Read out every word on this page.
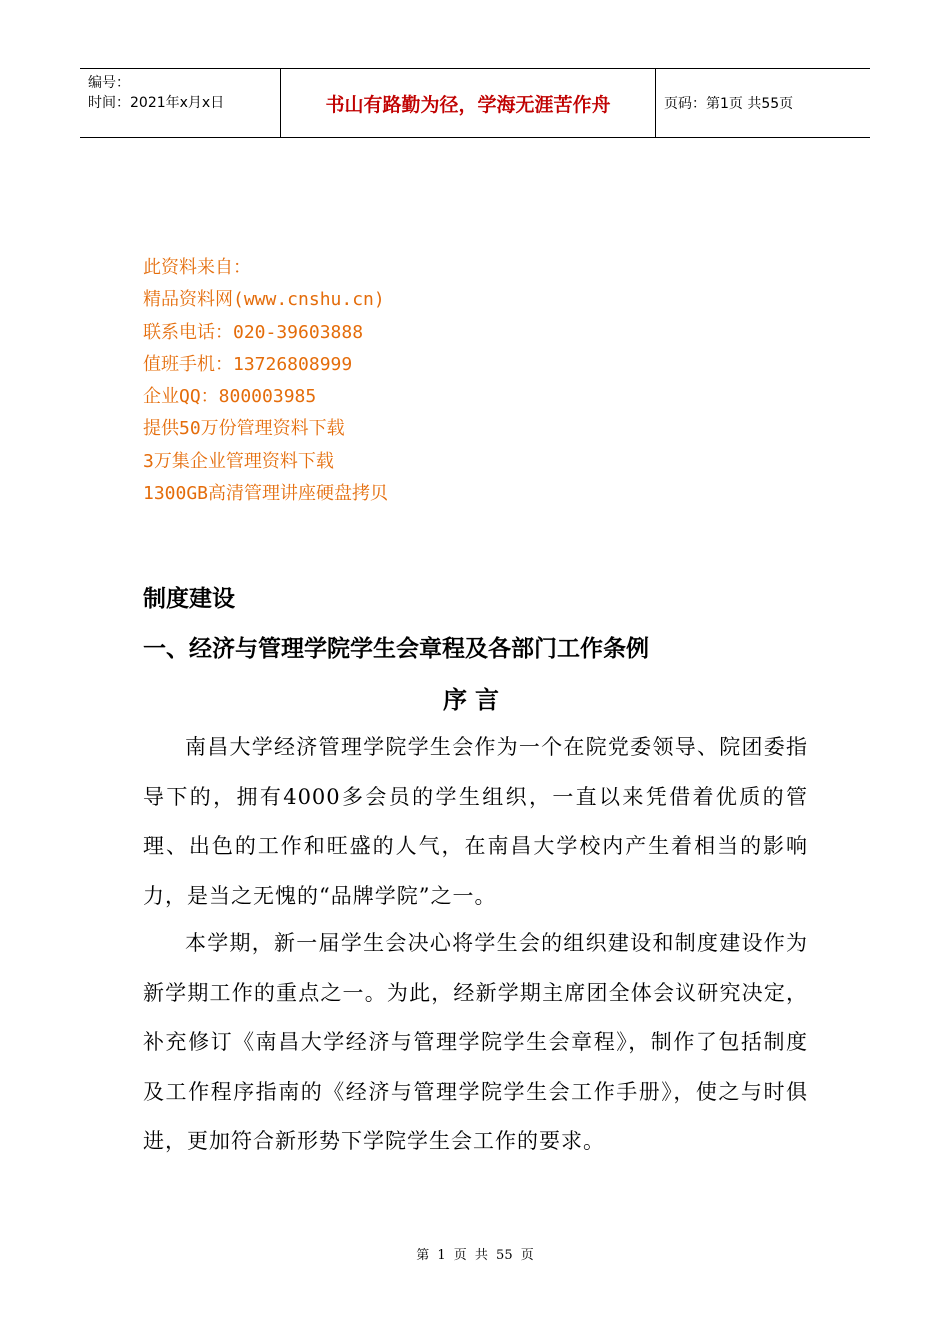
编号：
时间：2021年x月x日	书山有路勤为径，学海无涯苦作舟	页码：第1页 共55页
此资料来自：
精品资料网(www.cnshu.cn)
联系电话：020-39603888
值班手机：13726808999
企业QQ：800003985
提供50万份管理资料下载
3万集企业管理资料下载
1300GB高清管理讲座硬盘拷贝
制度建设
一、经济与管理学院学生会章程及各部门工作条例
序言
南昌大学经济管理学院学生会作为一个在院党委领导、院团委指导下的，拥有4000多会员的学生组织，一直以来凭借着优质的管理、出色的工作和旺盛的人气，在南昌大学校内产生着相当的影响力，是当之无愧的“品牌学院”之一。
本学期，新一届学生会决心将学生会的组织建设和制度建设作为新学期工作的重点之一。为此，经新学期主席团全体会议研究决定，补充修订《南昌大学经济与管理学院学生会章程》，制作了包括制度及工作程序指南的《经济与管理学院学生会工作手册》，使之与时俱进，更加符合新形势下学院学生会工作的要求。
第 1 页 共 55 页
